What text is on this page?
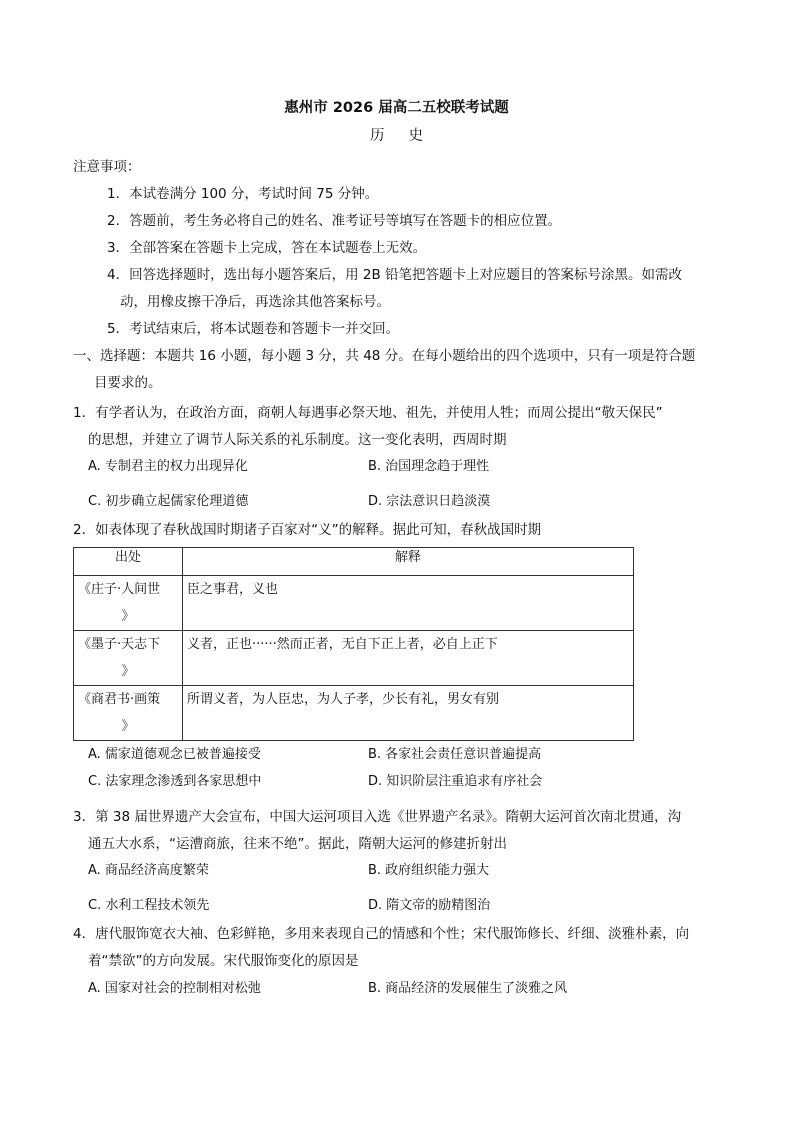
惠州市 2026 届高二五校联考试题
历史
注意事项：
1．本试卷满分 100 分，考试时间 75 分钟。
2．答题前，考生务必将自己的姓名、准考证号等填写在答题卡的相应位置。
3．全部答案在答题卡上完成，答在本试题卷上无效。
4．回答选择题时，选出每小题答案后，用 2B 铅笔把答题卡上对应题目的答案标号涂黑。如需改
动，用橡皮擦干净后，再选涂其他答案标号。
5．考试结束后，将本试题卷和答题卡一并交回。
一、选择题：本题共 16 小题，每小题 3 分，共 48 分。在每小题给出的四个选项中，只有一项是符合题
目要求的。
1．有学者认为，在政治方面，商朝人每遇事必祭天地、祖先，并使用人牲；而周公提出“敬天保民”
的思想，并建立了调节人际关系的礼乐制度。这一变化表明，西周时期
A. 专制君主的权力出现异化	B. 治国理念趋于理性
C. 初步确立起儒家伦理道德	D. 宗法意识日趋淡漠
2．如表体现了春秋战国时期诸子百家对“义”的解释。据此可知，春秋战国时期
出处	解释

《庄子·人间世
》	臣之事君，义也

《墨子·天志下
》	义者，正也······然而正者，无自下正上者，必自上正下

《商君书·画策
》	所谓义者，为人臣忠，为人子孝，少长有礼，男女有别
A. 儒家道德观念已被普遍接受	B. 各家社会责任意识普遍提高
C. 法家理念渗透到各家思想中	D. 知识阶层注重追求有序社会
3．第 38 届世界遗产大会宣布，中国大运河项目入选《世界遗产名录》。隋朝大运河首次南北贯通，沟
通五大水系，“运漕商旅，往来不绝”。据此，隋朝大运河的修建折射出
A. 商品经济高度繁荣	B. 政府组织能力强大
C. 水利工程技术领先	D. 隋文帝的励精图治
4．唐代服饰宽衣大袖、色彩鲜艳，多用来表现自己的情感和个性；宋代服饰修长、纤细、淡雅朴素，向
着“禁欲”的方向发展。宋代服饰变化的原因是
A. 国家对社会的控制相对松弛	B. 商品经济的发展催生了淡雅之风
